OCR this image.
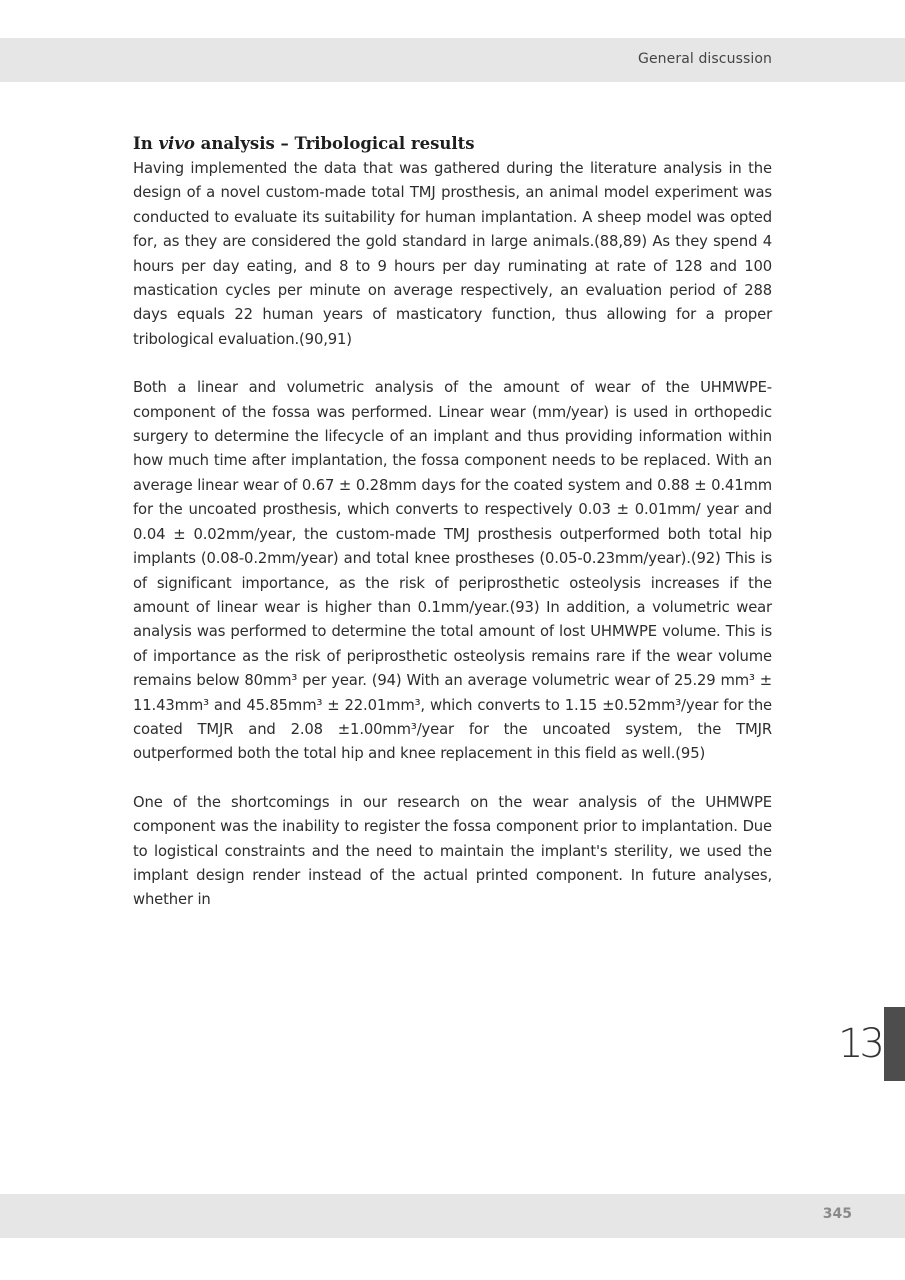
General discussion
In vivo analysis – Tribological results

Having implemented the data that was gathered during the literature analysis in the design of a novel custom-made total TMJ prosthesis, an animal model experiment was conducted to evaluate its suitability for human implantation. A sheep model was opted for, as they are considered the gold standard in large animals.(88,89) As they spend 4 hours per day eating, and 8 to 9 hours per day ruminating at rate of 128 and 100 mastication cycles per minute on average respectively, an evaluation period of 288 days equals 22 human years of masticatory function, thus allowing for a proper tribological evaluation.(90,91)

Both a linear and volumetric analysis of the amount of wear of the UHMWPE-component of the fossa was performed. Linear wear (mm/year) is used in orthopedic surgery to determine the lifecycle of an implant and thus providing information within how much time after implantation, the fossa component needs to be replaced. With an average linear wear of 0.67 ± 0.28mm days for the coated system and 0.88 ± 0.41mm for the uncoated prosthesis, which converts to respectively 0.03 ± 0.01mm/ year and 0.04 ± 0.02mm/year, the custom-made TMJ prosthesis outperformed both total hip implants (0.08-0.2mm/year) and total knee prostheses (0.05-0.23mm/year).(92) This is of significant importance, as the risk of periprosthetic osteolysis increases if the amount of linear wear is higher than 0.1mm/year.(93) In addition, a volumetric wear analysis was performed to determine the total amount of lost UHMWPE volume. This is of importance as the risk of periprosthetic osteolysis remains rare if the wear volume remains below 80mm³ per year. (94) With an average volumetric wear of 25.29 mm³ ± 11.43mm³ and 45.85mm³ ± 22.01mm³, which converts to 1.15 ±0.52mm³/year for the coated TMJR and 2.08 ±1.00mm³/year for the uncoated system, the TMJR outperformed both the total hip and knee replacement in this field as well.(95)

One of the shortcomings in our research on the wear analysis of the UHMWPE component was the inability to register the fossa component prior to implantation. Due to logistical constraints and the need to maintain the implant's sterility, we used the implant design render instead of the actual printed component. In future analyses, whether in

13
345
